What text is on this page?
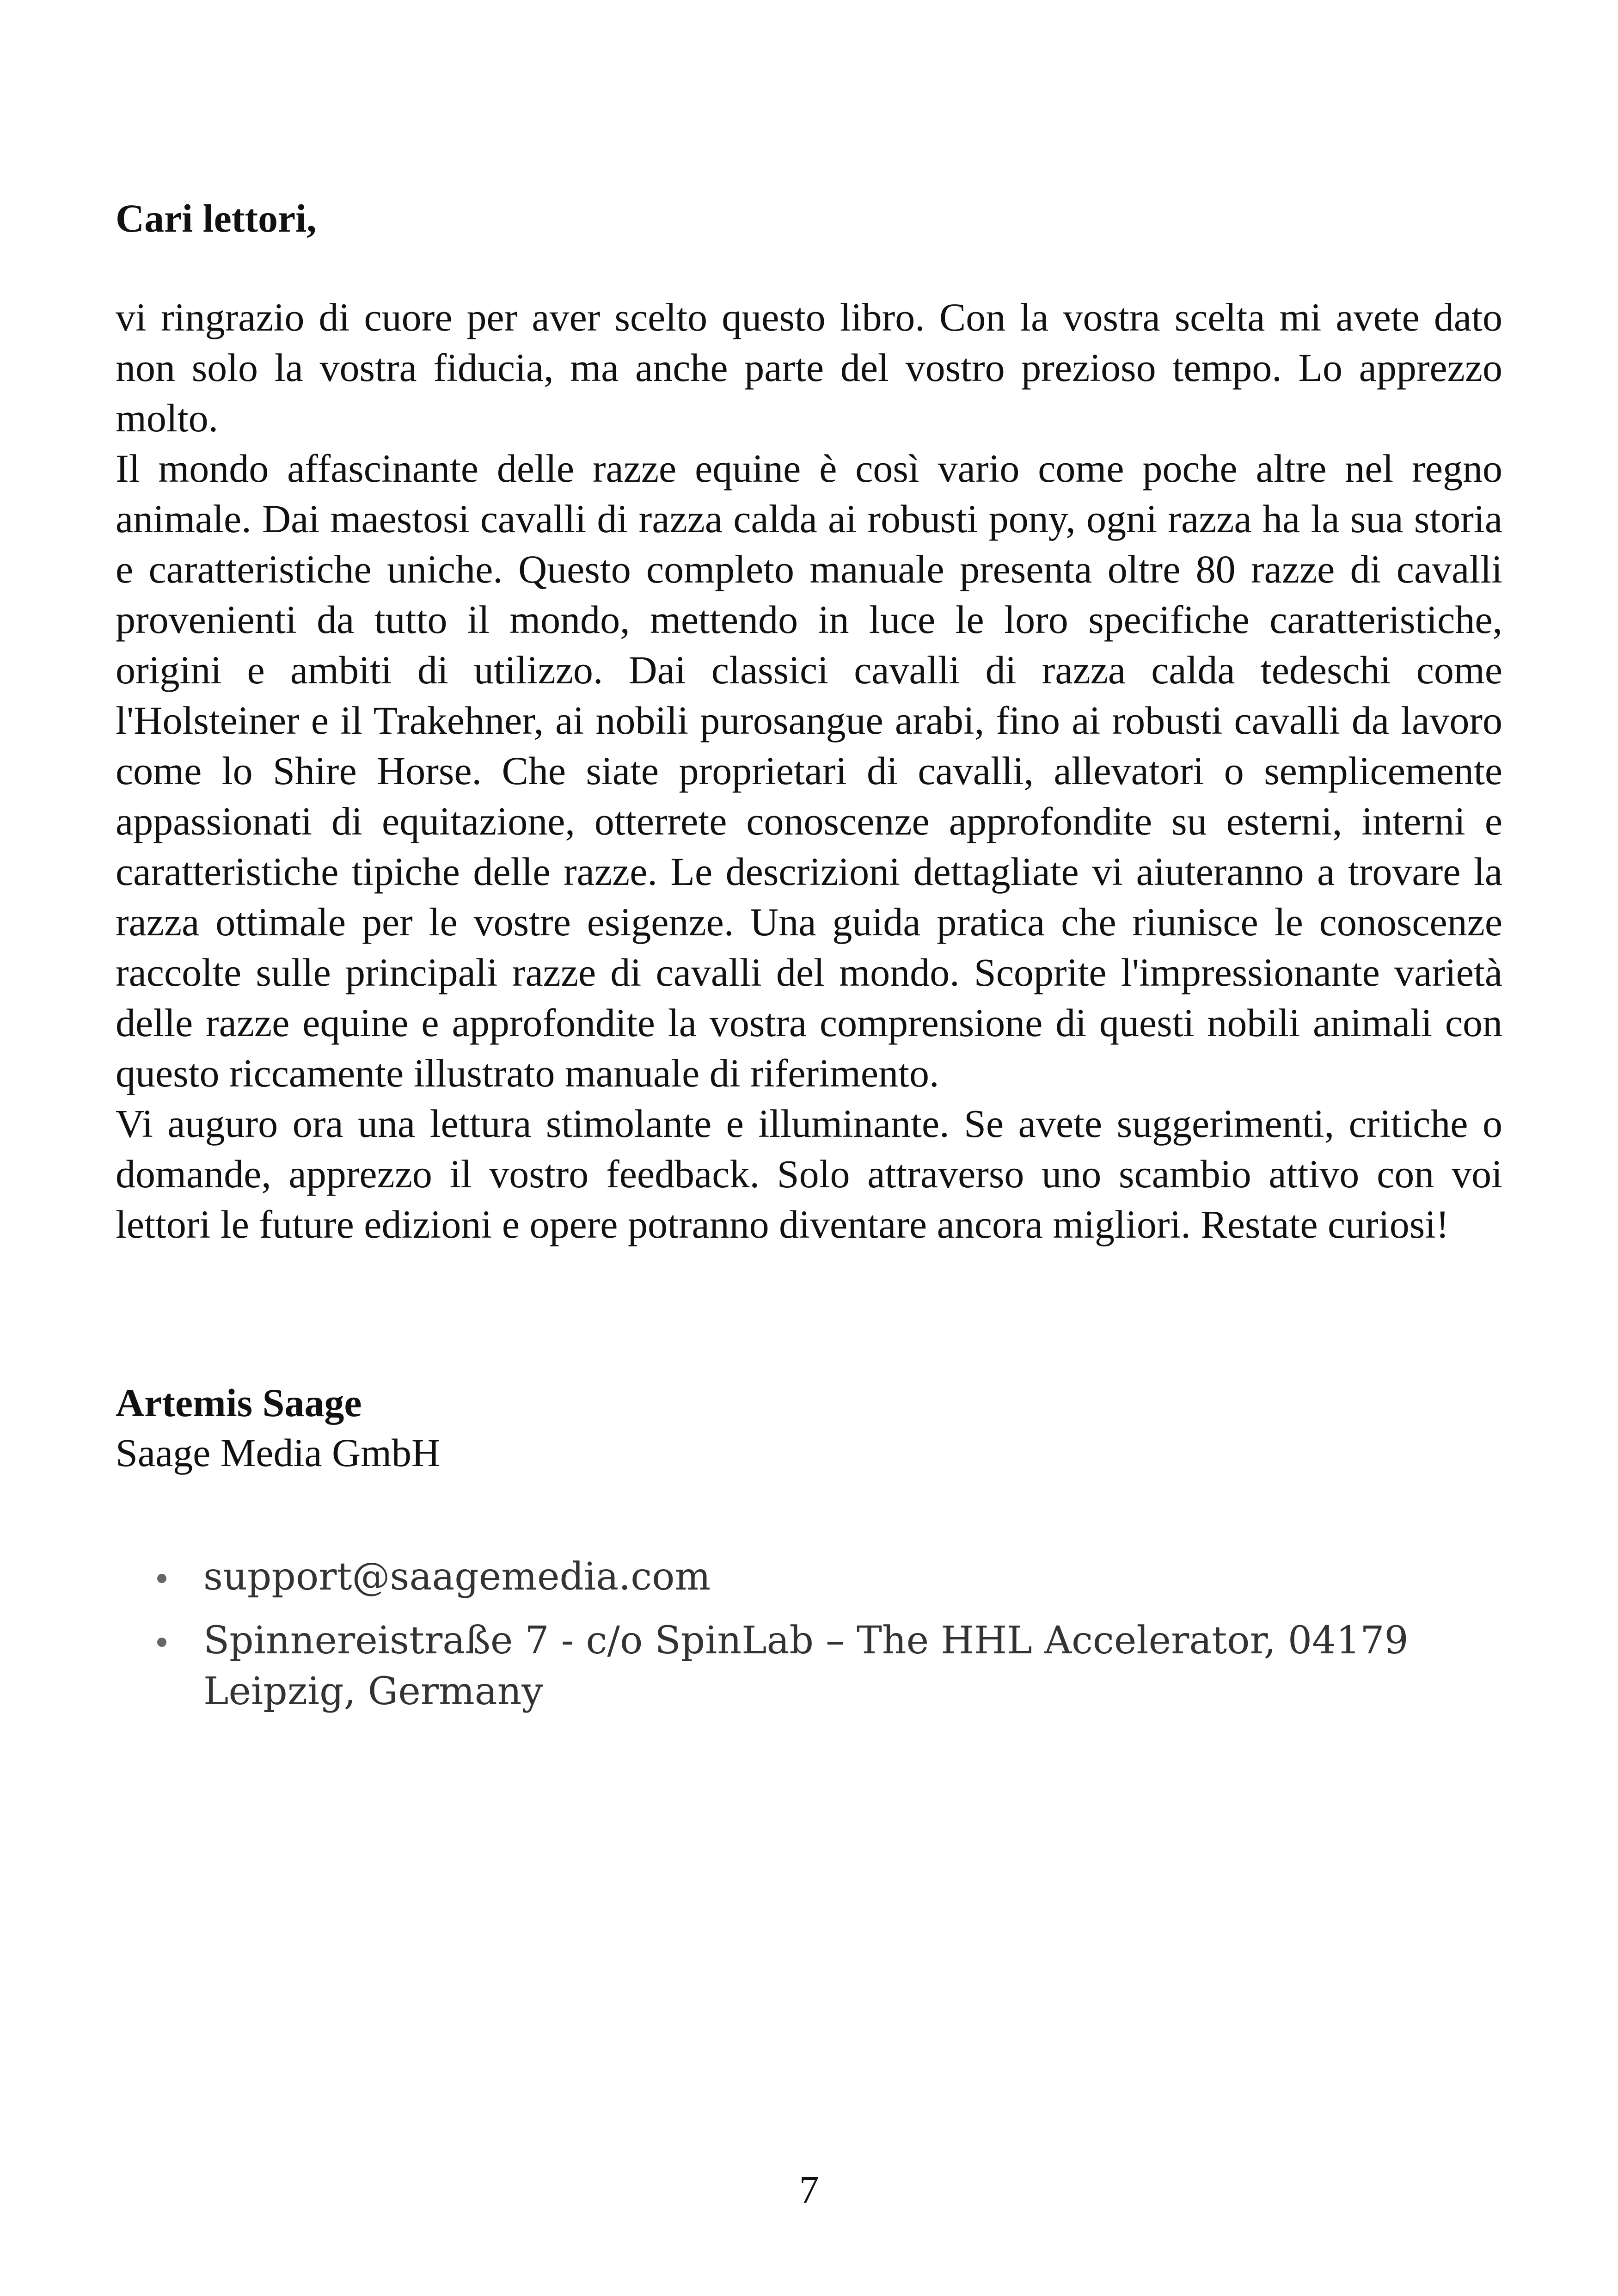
Cari lettori,

vi ringrazio di cuore per aver scelto questo libro. Con la vostra scelta mi avete dato non solo la vostra fiducia, ma anche parte del vostro prezioso tempo. Lo apprezzo molto.

Il mondo affascinante delle razze equine è così vario come poche altre nel regno animale. Dai maestosi cavalli di razza calda ai robusti pony, ogni razza ha la sua storia e caratteristiche uniche. Questo completo manuale presenta oltre 80 razze di cavalli provenienti da tutto il mondo, mettendo in luce le loro specifiche caratteristiche, origini e ambiti di utilizzo. Dai classici cavalli di razza calda tedeschi come l'Holsteiner e il Trakehner, ai nobili purosangue arabi, fino ai robusti cavalli da lavoro come lo Shire Horse. Che siate proprietari di cavalli, allevatori o semplicemente appassionati di equitazione, otterrete conoscenze approfondite su esterni, interni e caratteristiche tipiche delle razze. Le descrizioni dettagliate vi aiuteranno a trovare la razza ottimale per le vostre esigenze. Una guida pratica che riunisce le conoscenze raccolte sulle principali razze di cavalli del mondo. Scoprite l'impressionante varietà delle razze equine e approfondite la vostra comprensione di questi nobili animali con questo riccamente illustrato manuale di riferimento.

Vi auguro ora una lettura stimolante e illuminante. Se avete suggerimenti, critiche o domande, apprezzo il vostro feedback. Solo attraverso uno scambio attivo con voi lettori le future edizioni e opere potranno diventare ancora migliori. Restate curiosi!

Artemis Saage
Saage Media GmbH
support@saagemedia.com
Spinnereistraße 7 - c/o SpinLab – The HHL Accelerator, 04179 Leipzig, Germany
7
